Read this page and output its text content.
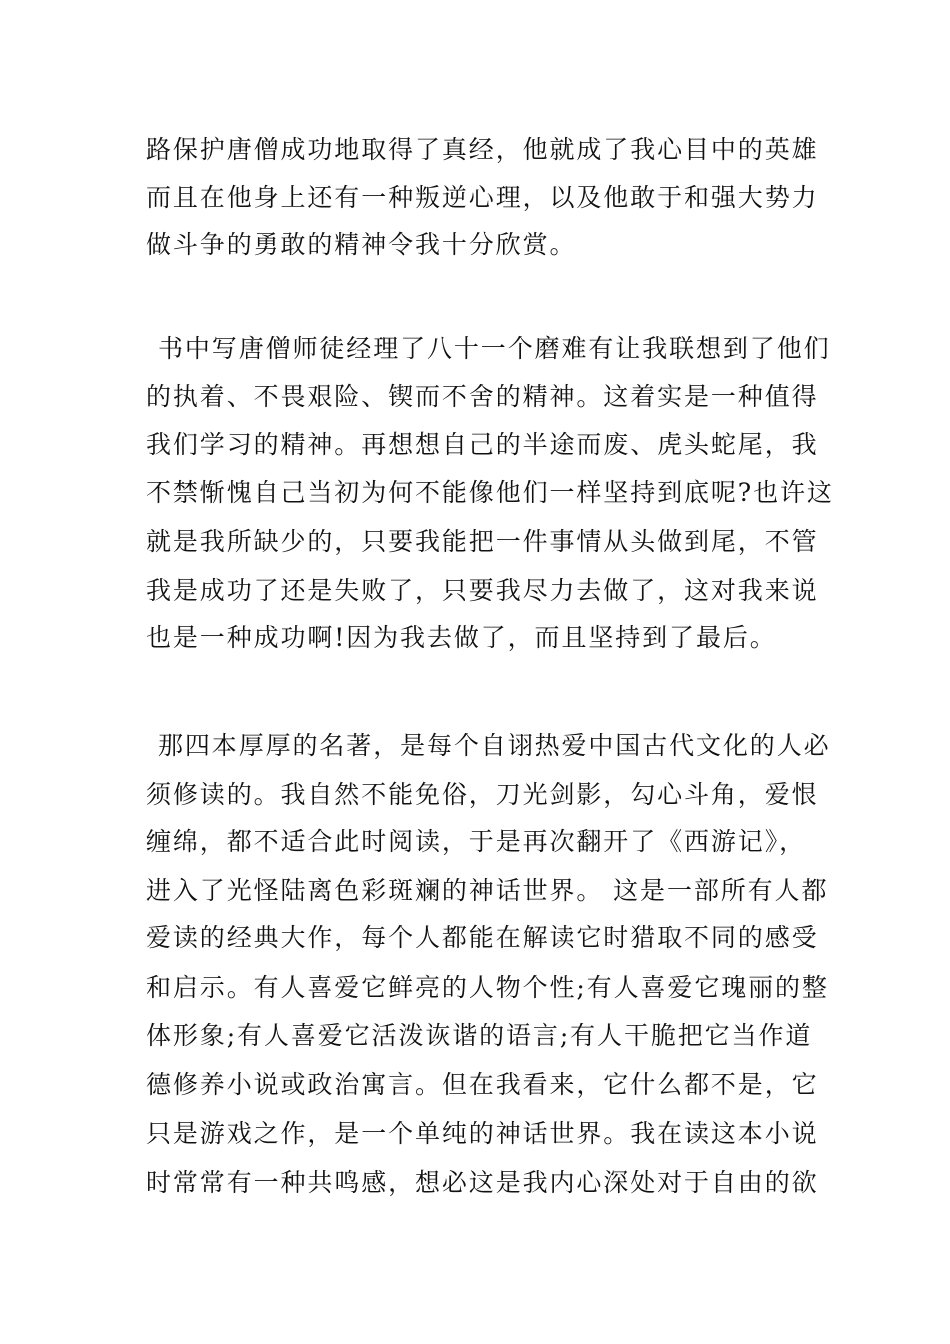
路保护唐僧成功地取得了真经，他就成了我心目中的英雄
而且在他身上还有一种叛逆心理，以及他敢于和强大势力
做斗争的勇敢的精神令我十分欣赏。
书中写唐僧师徒经理了八十一个磨难有让我联想到了他们
的执着、不畏艰险、锲而不舍的精神。这着实是一种值得
我们学习的精神。再想想自己的半途而废、虎头蛇尾，我
不禁惭愧自己当初为何不能像他们一样坚持到底呢?也许这
就是我所缺少的，只要我能把一件事情从头做到尾，不管
我是成功了还是失败了，只要我尽力去做了，这对我来说
也是一种成功啊!因为我去做了，而且坚持到了最后。
那四本厚厚的名著，是每个自诩热爱中国古代文化的人必
须修读的。我自然不能免俗，刀光剑影，勾心斗角，爱恨
缠绵，都不适合此时阅读，于是再次翻开了《西游记》，
进入了光怪陆离色彩斑斓的神话世界。 这是一部所有人都
爱读的经典大作，每个人都能在解读它时猎取不同的感受
和启示。有人喜爱它鲜亮的人物个性;有人喜爱它瑰丽的整
体形象;有人喜爱它活泼诙谐的语言;有人干脆把它当作道
德修养小说或政治寓言。但在我看来，它什么都不是，它
只是游戏之作，是一个单纯的神话世界。我在读这本小说
时常常有一种共鸣感，想必这是我内心深处对于自由的欲
